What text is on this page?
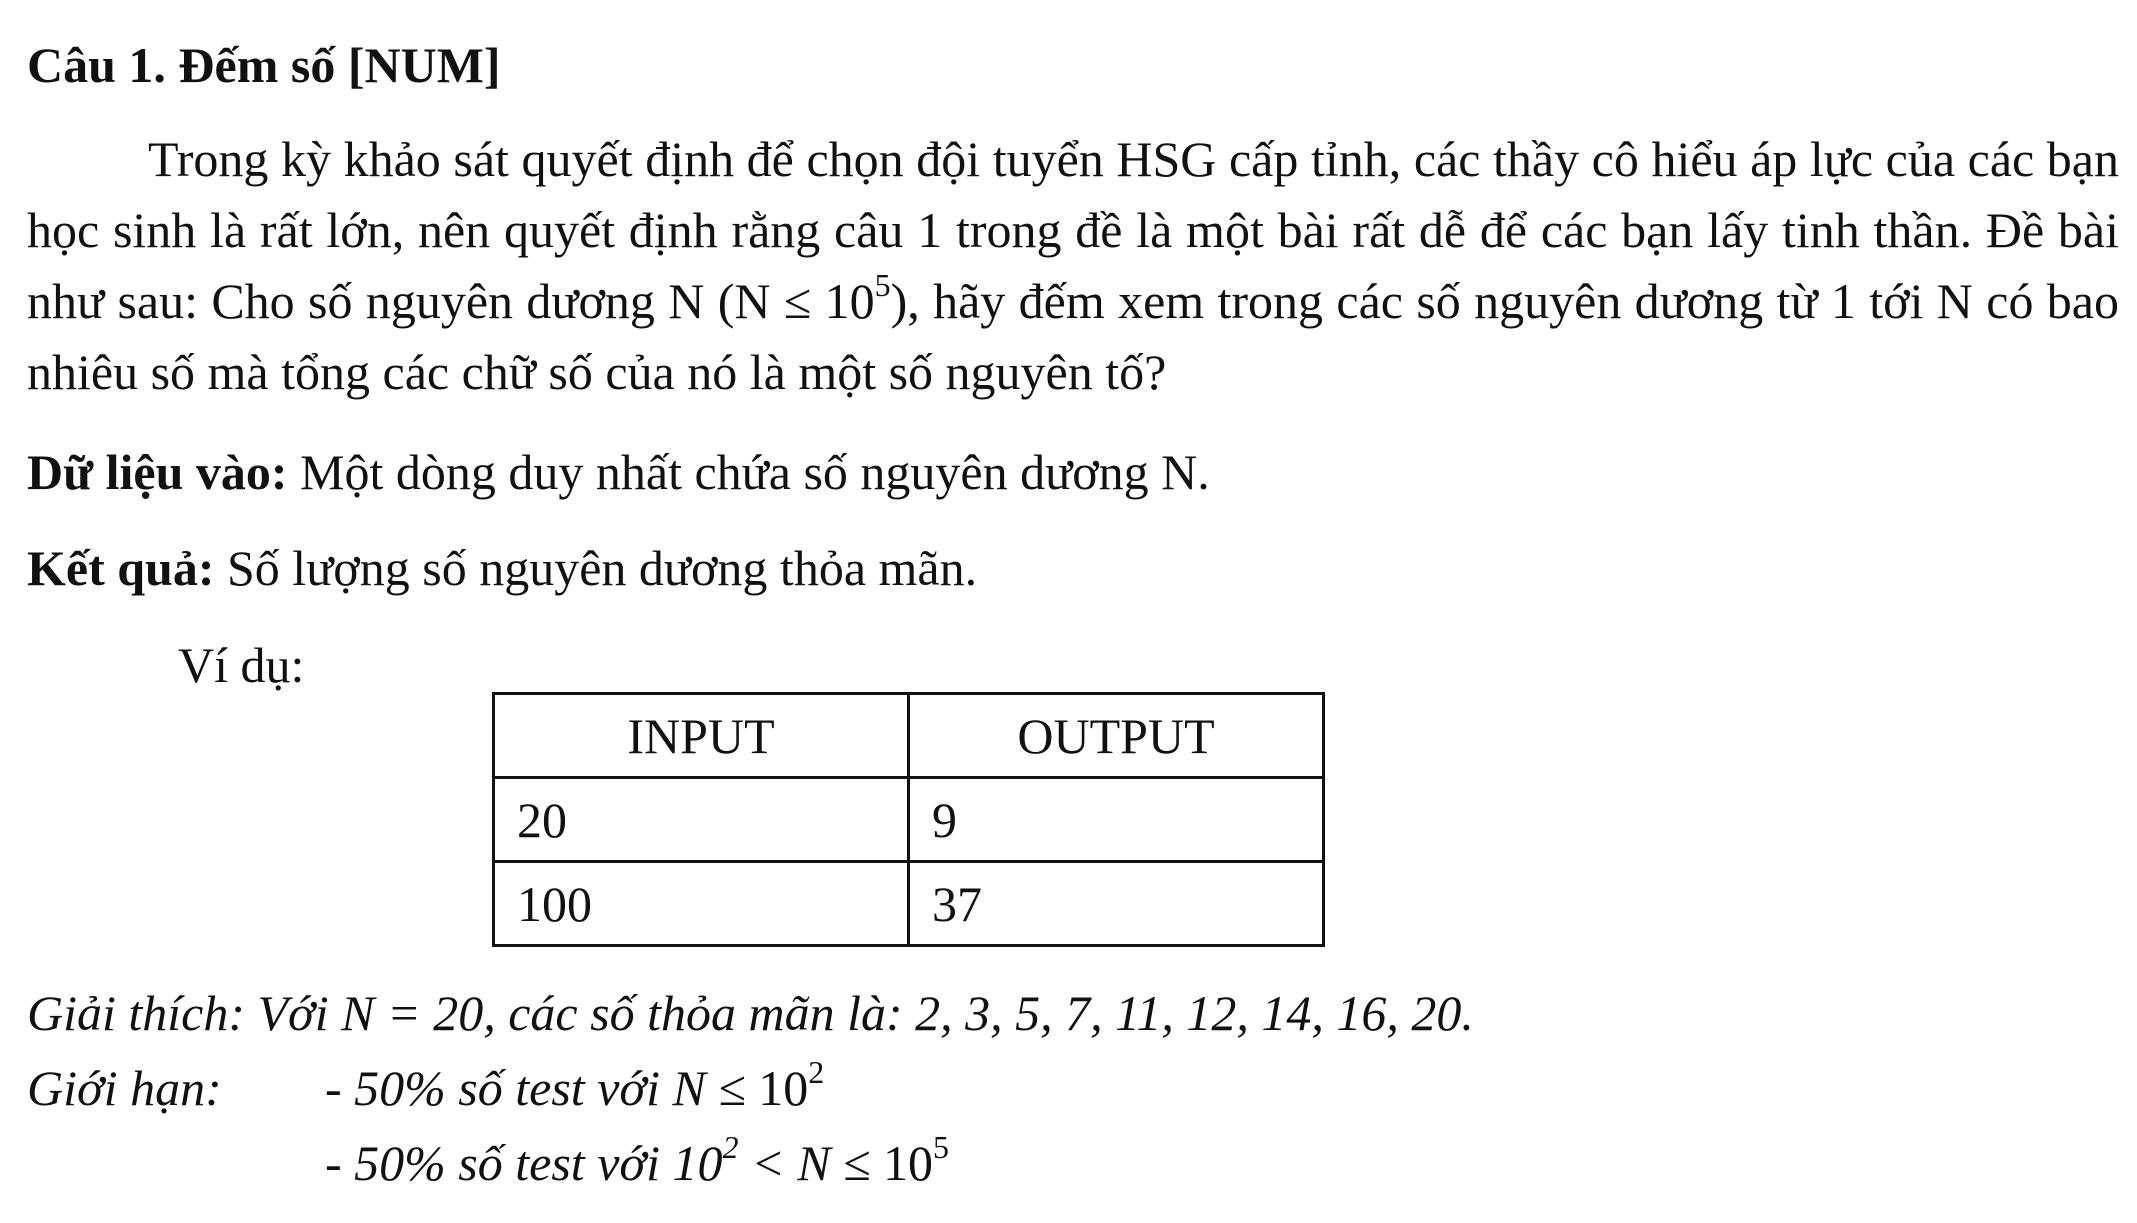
Câu 1. Đếm số [NUM]
Trong kỳ khảo sát quyết định để chọn đội tuyển HSG cấp tỉnh, các thầy cô hiểu áp lực của các bạn học sinh là rất lớn, nên quyết định rằng câu 1 trong đề là một bài rất dễ để các bạn lấy tinh thần. Đề bài như sau: Cho số nguyên dương N $(N \le 10^5)$, hãy đếm xem trong các số nguyên dương từ 1 tới N có bao nhiêu số mà tổng các chữ số của nó là một số nguyên tố?
Dữ liệu vào: Một dòng duy nhất chứa số nguyên dương N.
Kết quả: Số lượng số nguyên dương thỏa mãn.
Ví dụ:
INPUT	OUTPUT
20	9
100	37
Giải thích: Với N = 20, các số thỏa mãn là: 2, 3, 5, 7, 11, 12, 14, 16, 20.
Giới hạn: - 50% số test với $N \le 10^2$
- 50% số test với $10^2 < N \le 10^5$
